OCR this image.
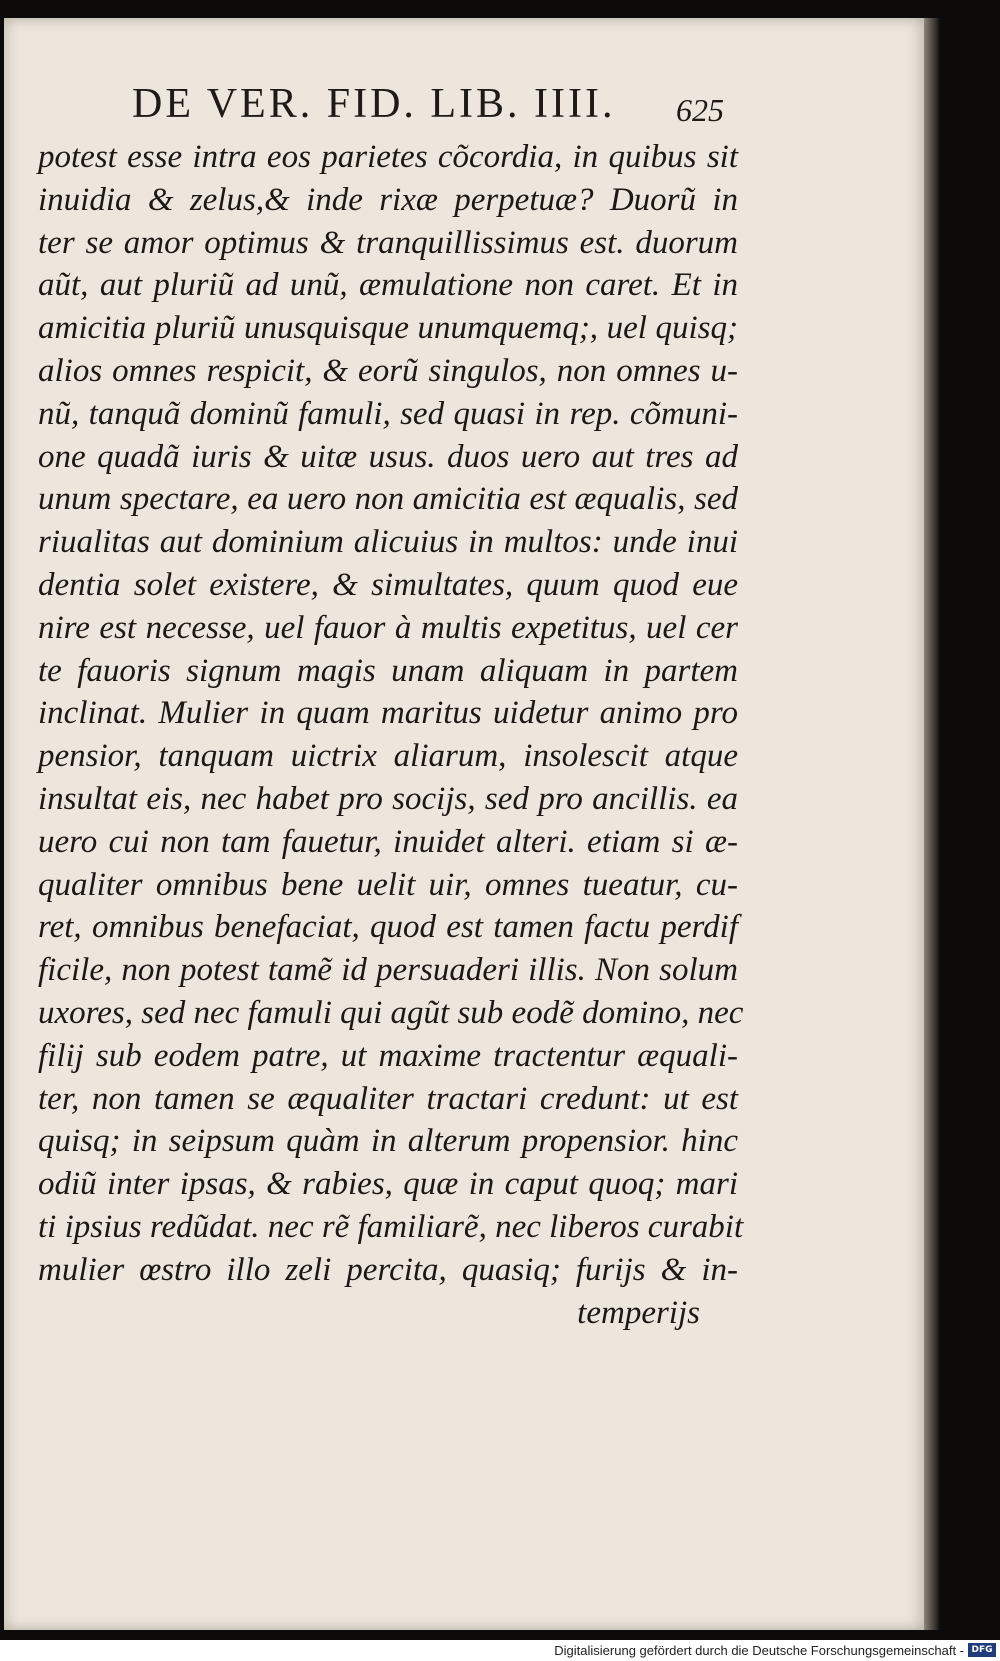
DE VER. FID. LIB. IIII. 625
potest esse intra eos parietes cõcordia, in quibus sit
inuidia & zelus,& inde rixæ perpetuæ? Duorũ in
ter se amor optimus & tranquillissimus est. duorum
aũt, aut pluriũ ad unũ, æmulatione non caret. Et in
amicitia pluriũ unusquisque unumquemq;, uel quisq;
alios omnes respicit, & eorũ singulos, non omnes u-
nũ, tanquã dominũ famuli, sed quasi in rep. cõmuni-
one quadã iuris & uitæ usus. duos uero aut tres ad
unum spectare, ea uero non amicitia est æqualis, sed
riualitas aut dominium alicuius in multos: unde inui
dentia solet existere, & simultates, quum quod eue
nire est necesse, uel fauor à multis expetitus, uel cer
te fauoris signum magis unam aliquam in partem
inclinat. Mulier in quam maritus uidetur animo pro
pensior, tanquam uictrix aliarum, insolescit atque
insultat eis, nec habet pro socijs, sed pro ancillis. ea
uero cui non tam fauetur, inuidet alteri. etiam si æ-
qualiter omnibus bene uelit uir, omnes tueatur, cu-
ret, omnibus benefaciat, quod est tamen factu perdif
ficile, non potest tamẽ id persuaderi illis. Non solum
uxores, sed nec famuli qui agũt sub eodẽ domino, nec
filij sub eodem patre, ut maxime tractentur æquali-
ter, non tamen se æqualiter tractari credunt: ut est
quisq; in seipsum quàm in alterum propensior. hinc
odiũ inter ipsas, & rabies, quæ in caput quoq; mari
ti ipsius redũdat. nec rẽ familiarẽ, nec liberos curabit
mulier œstro illo zeli percita, quasiq; furijs & in-
temperijs
Digitalisierung gefördert durch die Deutsche Forschungsgemeinschaft - DFG
